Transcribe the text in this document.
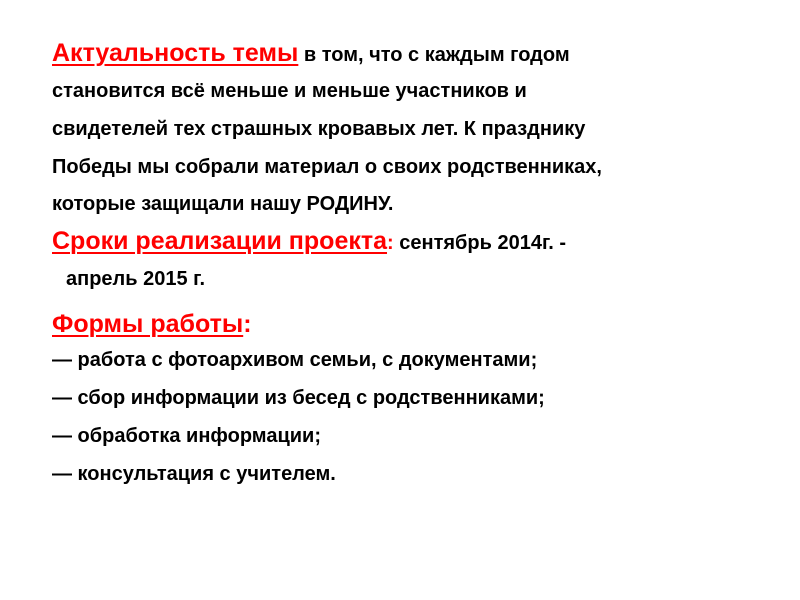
Актуальность темы в том, что с каждым годом
становится всё меньше и меньше участников и
свидетелей тех страшных кровавых лет. К празднику
Победы мы собрали материал о своих родственниках,
которые защищали нашу РОДИНУ.
Сроки реализации проекта: сентябрь 2014г. -
апрель 2015 г.
Формы работы:
— работа с фотоархивом семьи, с документами;
— сбор информации из бесед с родственниками;
— обработка информации;
— консультация с учителем.
